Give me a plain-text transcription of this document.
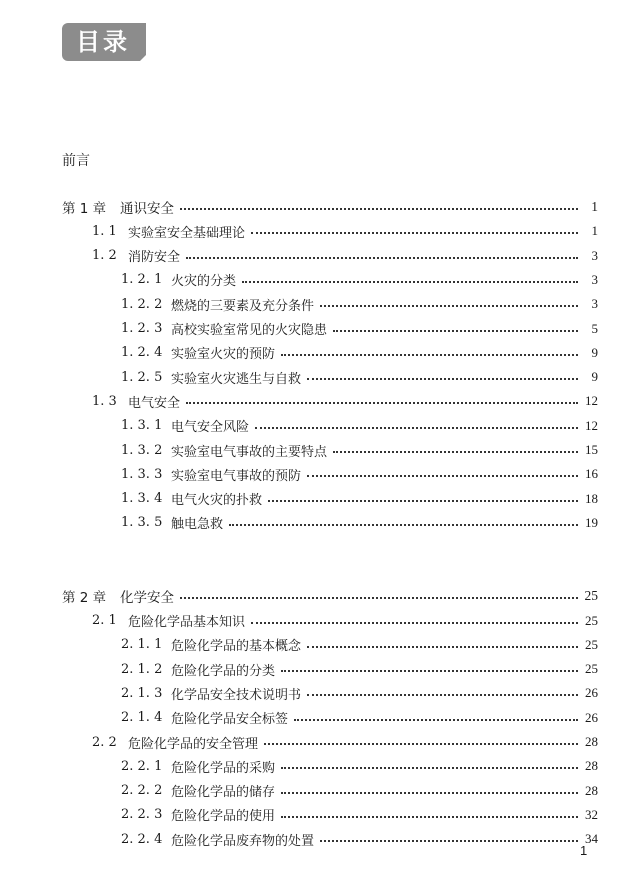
目录
前言
第 1 章	通识安全	1
1. 1 实验室安全基础理论	1
1. 2 消防安全	3
1. 2. 1 火灾的分类	3
1. 2. 2 燃烧的三要素及充分条件	3
1. 2. 3 高校实验室常见的火灾隐患	5
1. 2. 4 实验室火灾的预防	9
1. 2. 5 实验室火灾逃生与自救	9
1. 3 电气安全	12
1. 3. 1 电气安全风险	12
1. 3. 2 实验室电气事故的主要特点	15
1. 3. 3 实验室电气事故的预防	16
1. 3. 4 电气火灾的扑救	18
1. 3. 5 触电急救	19
第 2 章	化学安全	25
2. 1 危险化学品基本知识	25
2. 1. 1 危险化学品的基本概念	25
2. 1. 2 危险化学品的分类	25
2. 1. 3 化学品安全技术说明书	26
2. 1. 4 危险化学品安全标签	26
2. 2 危险化学品的安全管理	28
2. 2. 1 危险化学品的采购	28
2. 2. 2 危险化学品的储存	28
2. 2. 3 危险化学品的使用	32
2. 2. 4 危险化学品废弃物的处置	34
1
